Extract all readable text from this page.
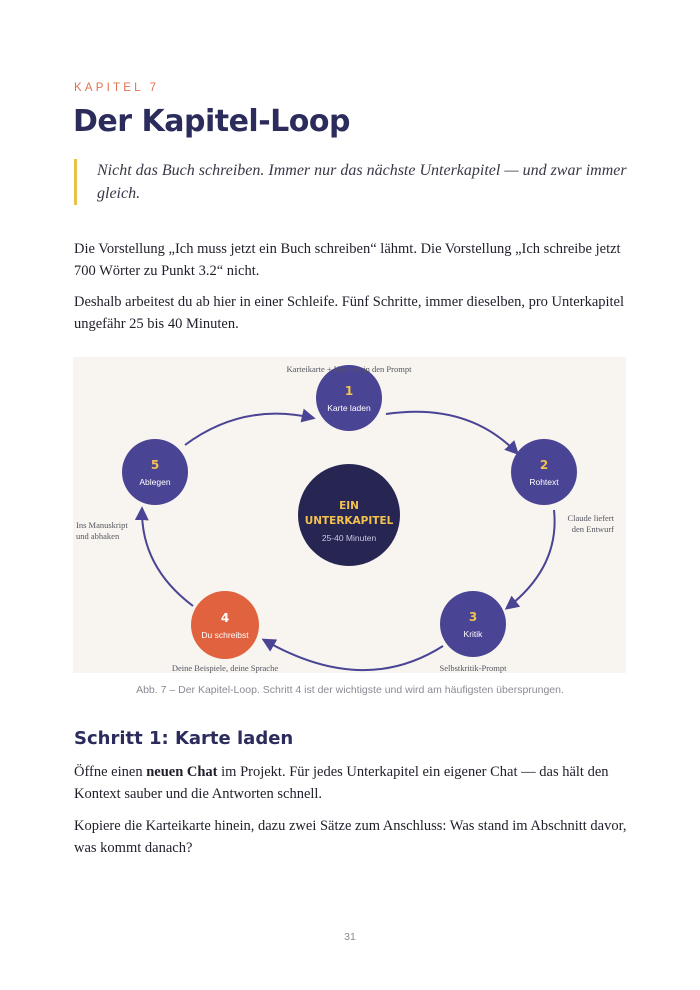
KAPITEL 7
Der Kapitel-Loop
Nicht das Buch schreiben. Immer nur das nächste Unterkapitel — und zwar immer gleich.

Die Vorstellung „Ich muss jetzt ein Buch schreiben“ lähmt. Die Vorstellung „Ich schreibe jetzt 700 Wörter zu Punkt 3.2“ nicht.

Deshalb arbeitest du ab hier in einer Schleife. Fünf Schritte, immer dieselben, pro Unterkapitel ungefähr 25 bis 40 Minuten.

EIN
UNTERKAPITEL
25-40 Minuten
1
Karte laden
2
Rohtext
3
Kritik
4
Du schreibst
5
Ablegen
Karteikarte + Kontext in den Prompt
Claude liefert
den Entwurf
Selbstkritik-Prompt
Deine Beispiele, deine Sprache
Ins Manuskript
und abhaken
Abb. 7 – Der Kapitel-Loop. Schritt 4 ist der wichtigste und wird am häufigsten übersprungen.
Schritt 1: Karte laden

Öffne einen neuen Chat im Projekt. Für jedes Unterkapitel ein eigener Chat — das hält den Kontext sauber und die Antworten schnell.

Kopiere die Karteikarte hinein, dazu zwei Sätze zum Anschluss: Was stand im Abschnitt davor, was kommt danach?

31
